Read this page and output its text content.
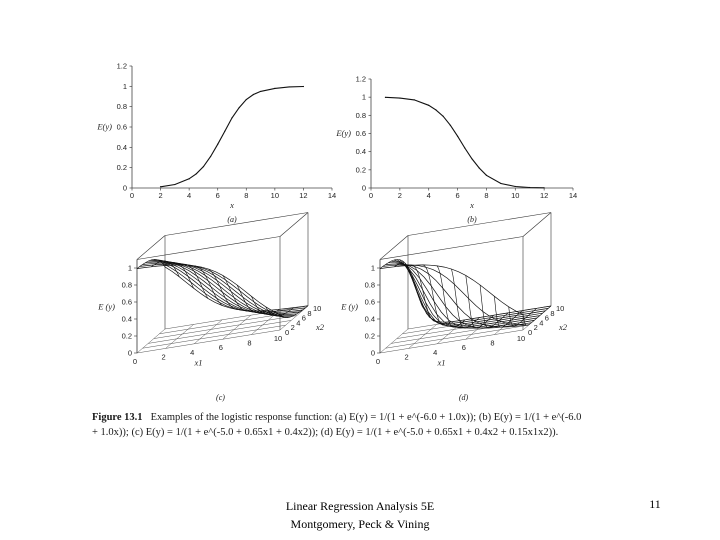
0	2	4	6	8	10	12	14
0
0.2
0.4
0.6
0.8
1
1.2
E(y)
x
(a)
0	2	4	6	8	10	12	14
0
0.2
0.4
0.6
0.8
1
1.2
E(y)
x
(b)
0
0.2
0.4
0.6
0.8
1
0
2
4
6
8
10
0
2
4
6
8
10
E (y)
x1
x2
(c)
0
0.2
0.4
0.6
0.8
1
0
2
4
6
8
10
0
2
4
6
8
10
E (y)
x1
x2
(d)
Figure 13.1 Examples of the logistic response function: (a) E(y) = 1/(1 + e^(-6.0 + 1.0x)); (b) E(y) = 1/(1 + e^(-6.0 + 1.0x)); (c) E(y) = 1/(1 + e^(-5.0 + 0.65x1 + 0.4x2)); (d) E(y) = 1/(1 + e^(-5.0 + 0.65x1 + 0.4x2 + 0.15x1x2)).
Linear Regression Analysis 5E
Montgomery, Peck & Vining
11
